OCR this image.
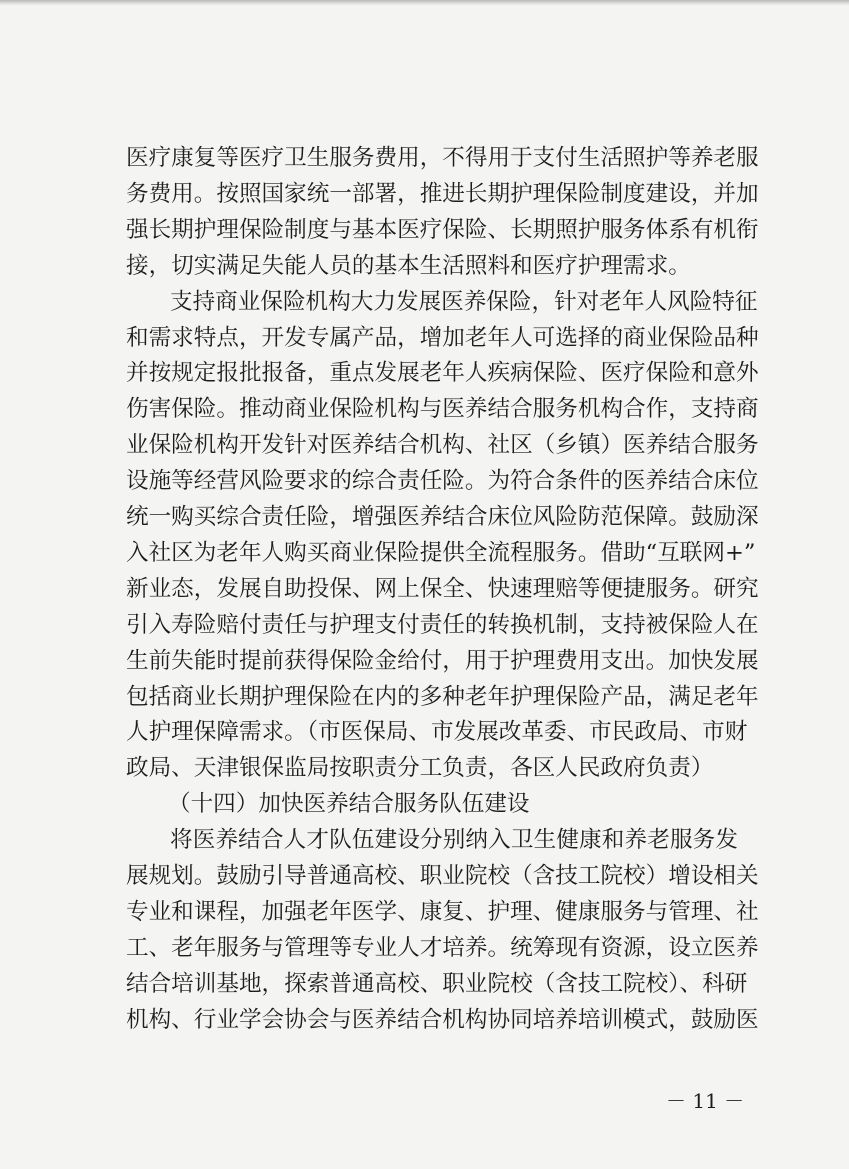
医疗康复等医疗卫生服务费用，不得用于支付生活照护等养老服
务费用。按照国家统一部署，推进长期护理保险制度建设，并加
强长期护理保险制度与基本医疗保险、长期照护服务体系有机衔
接，切实满足失能人员的基本生活照料和医疗护理需求。
支持商业保险机构大力发展医养保险，针对老年人风险特征
和需求特点，开发专属产品，增加老年人可选择的商业保险品种
并按规定报批报备，重点发展老年人疾病保险、医疗保险和意外
伤害保险。推动商业保险机构与医养结合服务机构合作，支持商
业保险机构开发针对医养结合机构、社区（乡镇）医养结合服务
设施等经营风险要求的综合责任险。为符合条件的医养结合床位
统一购买综合责任险，增强医养结合床位风险防范保障。鼓励深
入社区为老年人购买商业保险提供全流程服务。借助“互联网+”
新业态，发展自助投保、网上保全、快速理赔等便捷服务。研究
引入寿险赔付责任与护理支付责任的转换机制，支持被保险人在
生前失能时提前获得保险金给付，用于护理费用支出。加快发展
包括商业长期护理保险在内的多种老年护理保险产品，满足老年
人护理保障需求。（市医保局、市发展改革委、市民政局、市财
政局、天津银保监局按职责分工负责，各区人民政府负责）
（十四）加快医养结合服务队伍建设
将医养结合人才队伍建设分别纳入卫生健康和养老服务发
展规划。鼓励引导普通高校、职业院校（含技工院校）增设相关
专业和课程，加强老年医学、康复、护理、健康服务与管理、社
工、老年服务与管理等专业人才培养。统筹现有资源，设立医养
结合培训基地，探索普通高校、职业院校（含技工院校）、科研
机构、行业学会协会与医养结合机构协同培养培训模式，鼓励医
－ 11 －
